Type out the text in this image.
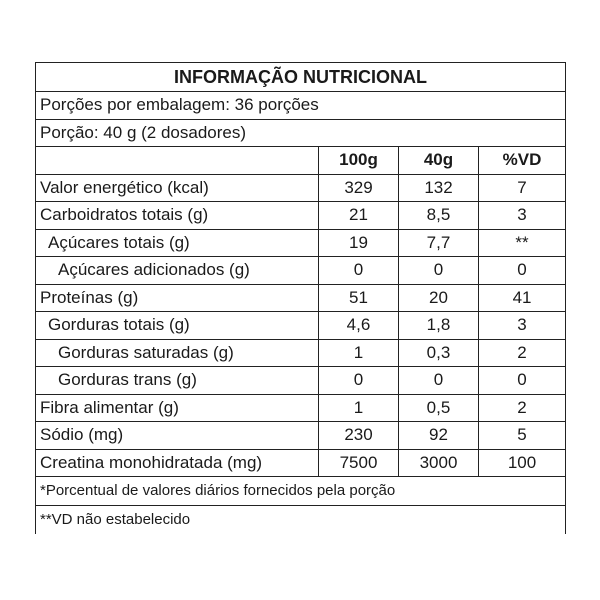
INFORMAÇÃO NUTRICIONAL			
Porções por embalagem: 36 porções			
Porção: 40 g (2 dosadores)			
	100g	40g	%VD
Valor energético (kcal)	329	132	7
Carboidratos totais (g)	21	8,5	3
Açúcares totais (g)	19	7,7	**
Açúcares adicionados (g)	0	0	0
Proteínas (g)	51	20	41
Gorduras totais (g)	4,6	1,8	3
Gorduras saturadas (g)	1	0,3	2
Gorduras trans (g)	0	0	0
Fibra alimentar (g)	1	0,5	2
Sódio (mg)	230	92	5
Creatina monohidratada (mg)	7500	3000	100
*Porcentual de valores diários fornecidos pela porção			
**VD não estabelecido			
